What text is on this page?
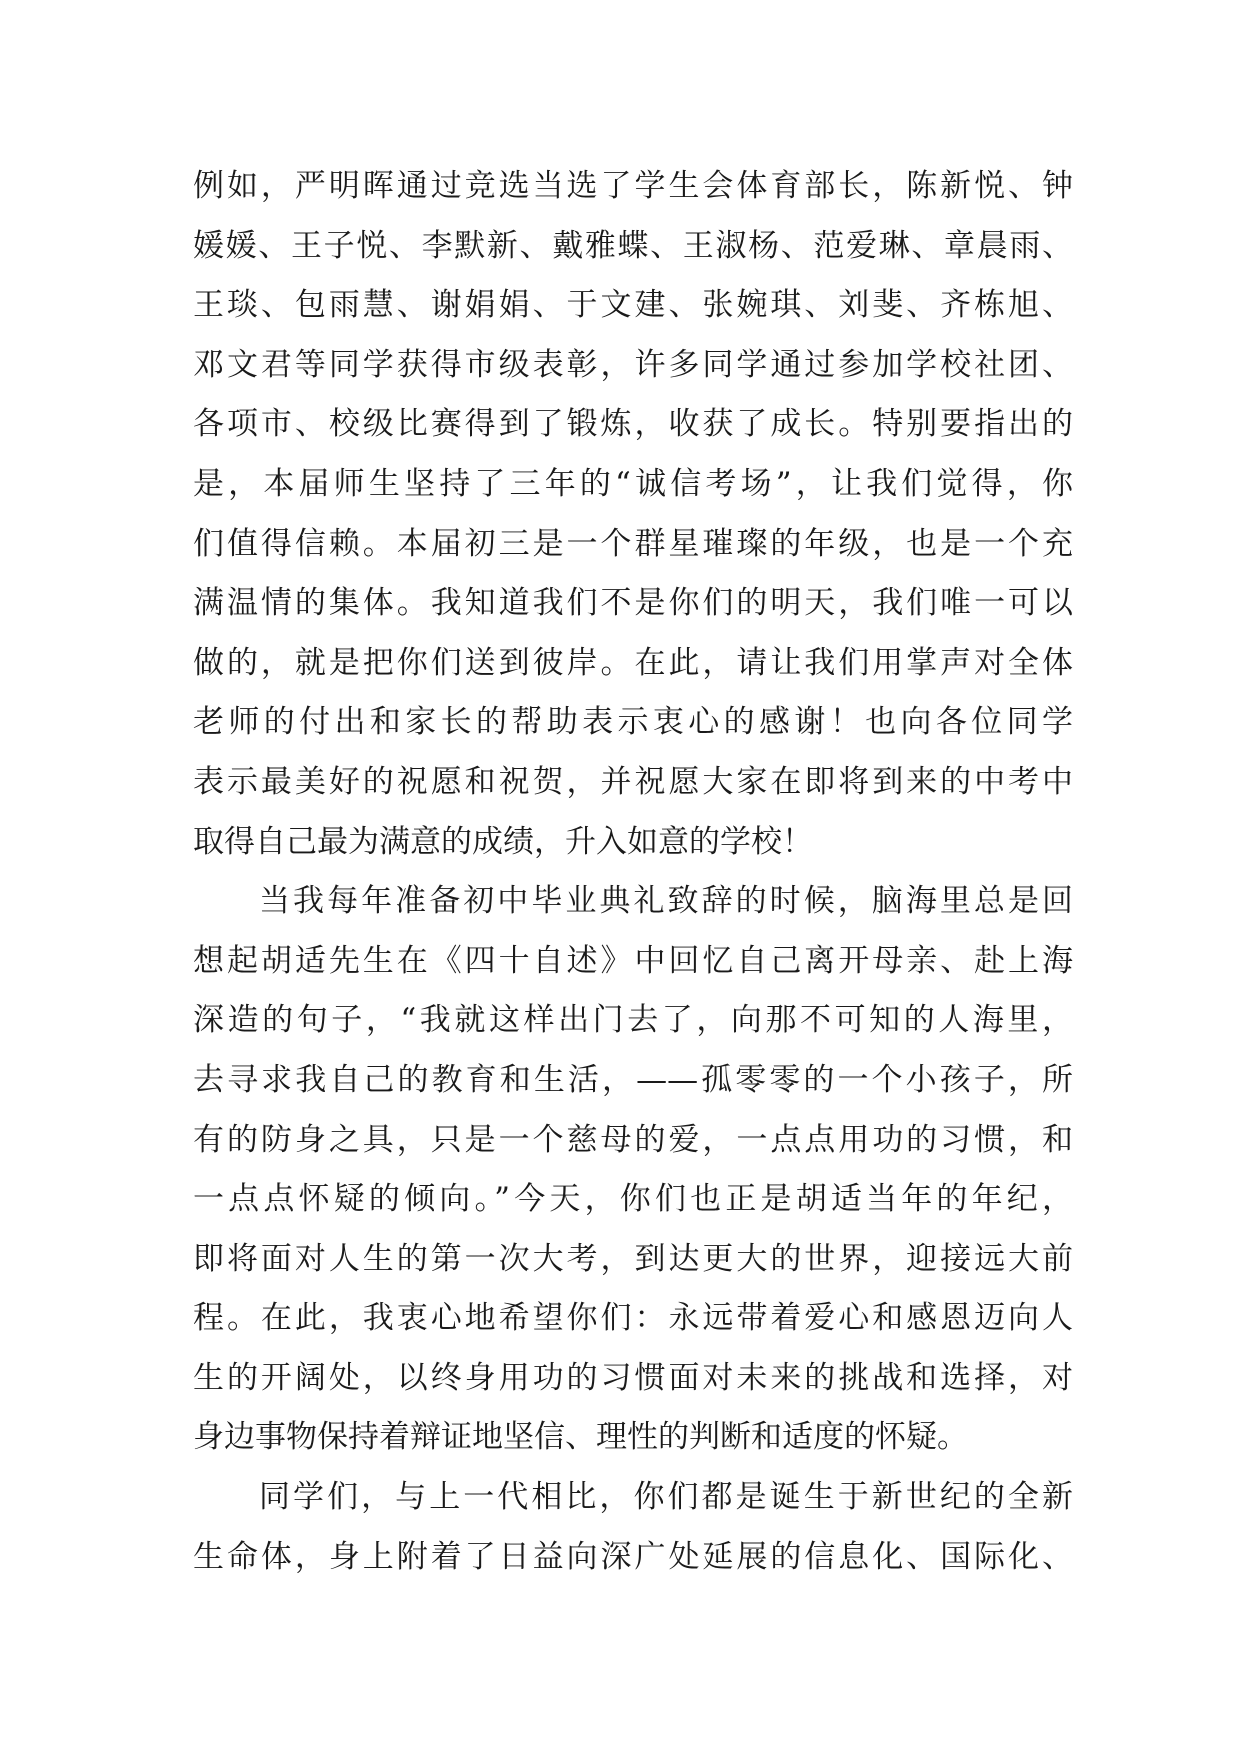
例如，严明晖通过竞选当选了学生会体育部长，陈新悦、钟
媛媛、王子悦、李默新、戴雅蝶、王淑杨、范爱琳、章晨雨、
王琰、包雨慧、谢娟娟、于文建、张婉琪、刘斐、齐栋旭、
邓文君等同学获得市级表彰，许多同学通过参加学校社团、
各项市、校级比赛得到了锻炼，收获了成长。特别要指出的
是，本届师生坚持了三年的“诚信考场”，让我们觉得，你
们值得信赖。本届初三是一个群星璀璨的年级，也是一个充
满温情的集体。我知道我们不是你们的明天，我们唯一可以
做的，就是把你们送到彼岸。在此，请让我们用掌声对全体
老师的付出和家长的帮助表示衷心的感谢！也向各位同学
表示最美好的祝愿和祝贺，并祝愿大家在即将到来的中考中
取得自己最为满意的成绩，升入如意的学校！
当我每年准备初中毕业典礼致辞的时候，脑海里总是回
想起胡适先生在《四十自述》中回忆自己离开母亲、赴上海
深造的句子，“我就这样出门去了，向那不可知的人海里，
去寻求我自己的教育和生活，——孤零零的一个小孩子，所
有的防身之具，只是一个慈母的爱，一点点用功的习惯，和
一点点怀疑的倾向。”今天，你们也正是胡适当年的年纪，
即将面对人生的第一次大考，到达更大的世界，迎接远大前
程。在此，我衷心地希望你们：永远带着爱心和感恩迈向人
生的开阔处，以终身用功的习惯面对未来的挑战和选择，对
身边事物保持着辩证地坚信、理性的判断和适度的怀疑。
同学们，与上一代相比，你们都是诞生于新世纪的全新
生命体，身上附着了日益向深广处延展的信息化、国际化、
